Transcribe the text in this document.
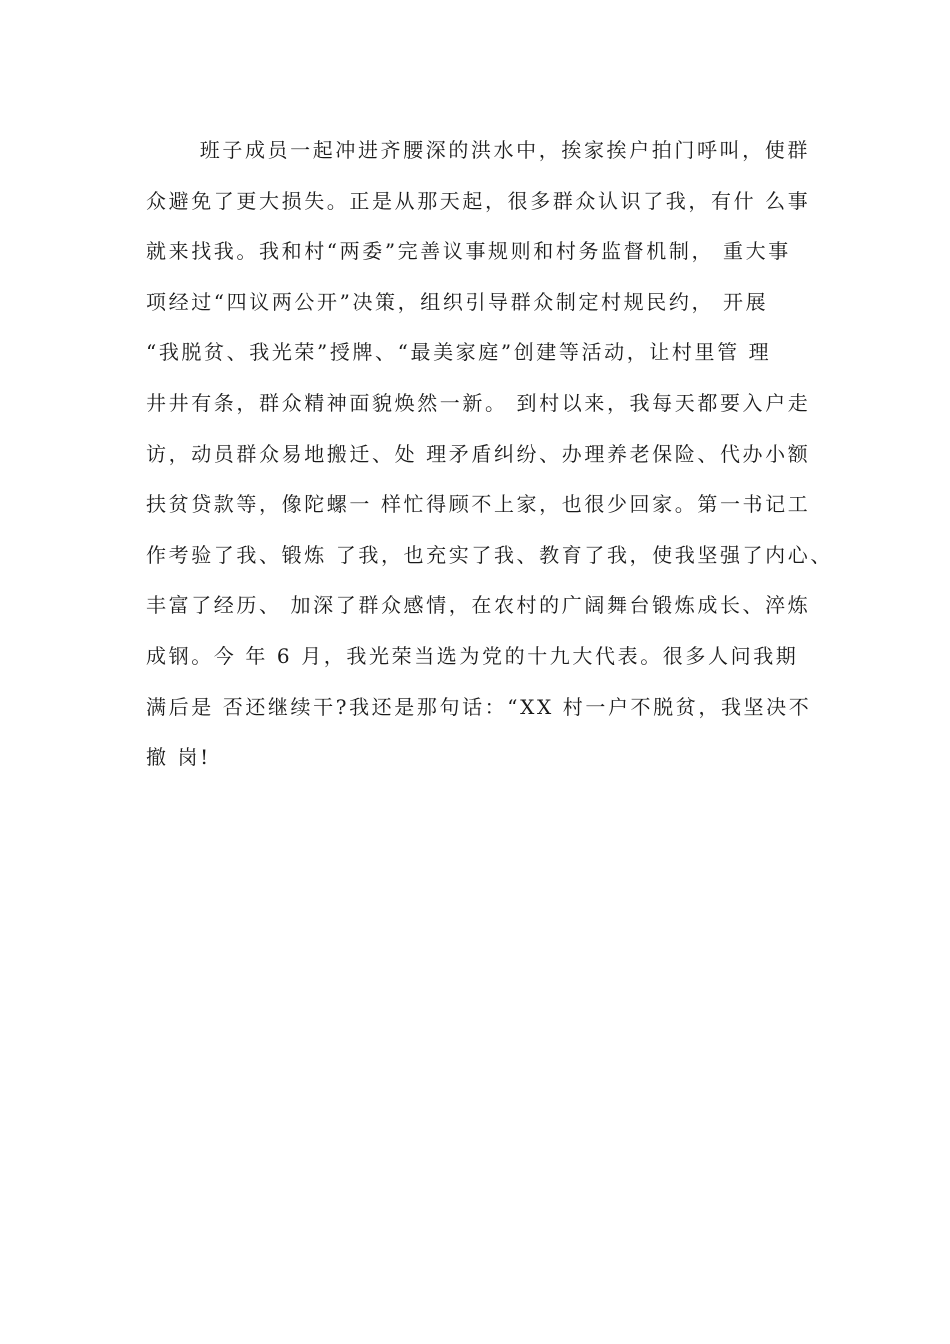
班子成员一起冲进齐腰深的洪水中，挨家挨户拍门呼叫，使群
众避免了更大损失。正是从那天起，很多群众认识了我，有什 么事
就来找我。我和村“两委”完善议事规则和村务监督机制， 重大事
项经过“四议两公开”决策，组织引导群众制定村规民约， 开展
“我脱贫、我光荣”授牌、“最美家庭”创建等活动，让村里管 理
井井有条，群众精神面貌焕然一新。 到村以来，我每天都要入户走
访，动员群众易地搬迁、处 理矛盾纠纷、办理养老保险、代办小额
扶贫贷款等，像陀螺一 样忙得顾不上家，也很少回家。第一书记工
作考验了我、锻炼 了我，也充实了我、教育了我，使我坚强了内心、
丰富了经历、 加深了群众感情，在农村的广阔舞台锻炼成长、淬炼
成钢。今 年 6 月，我光荣当选为党的十九大代表。很多人问我期
满后是 否还继续干?我还是那句话：“XX 村一户不脱贫，我坚决不
撤 岗!
